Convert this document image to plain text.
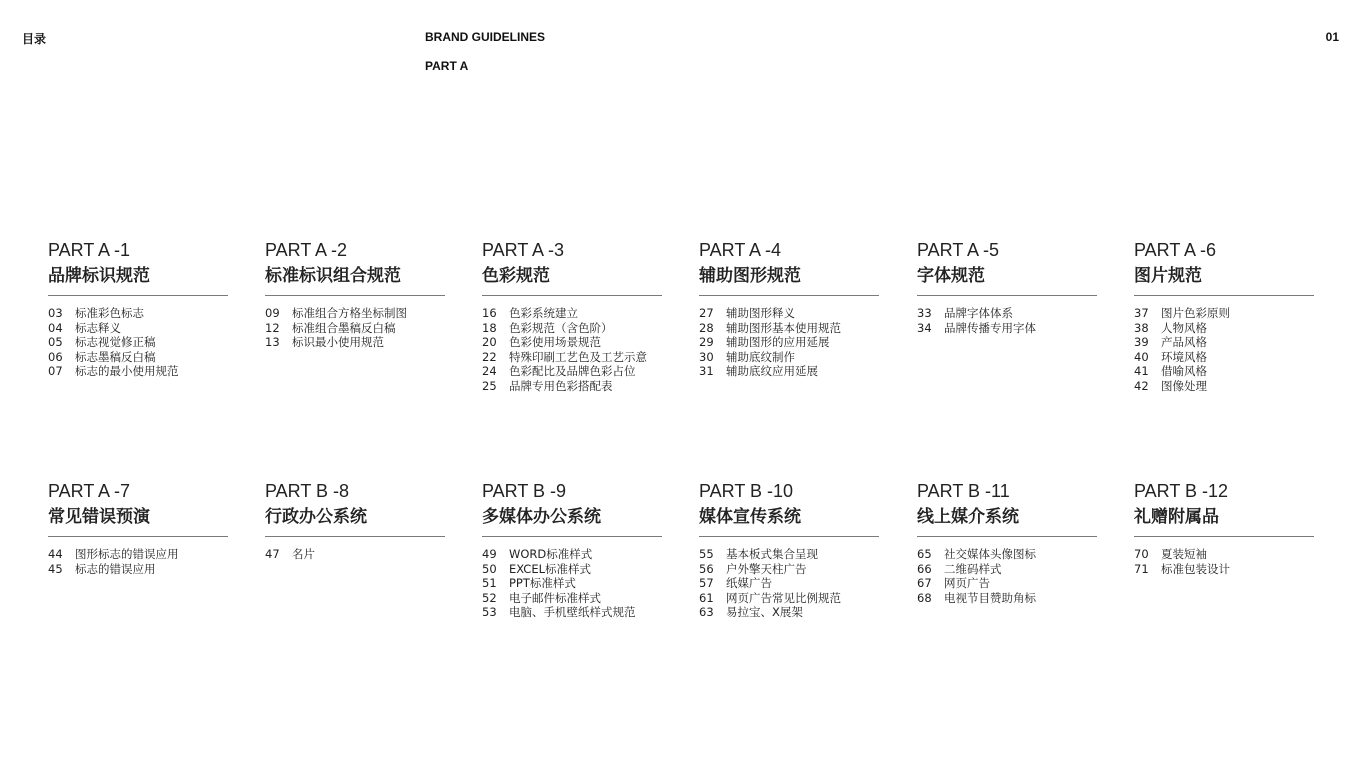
目录	BRAND GUIDELINES
PART A
01
PART A -1
品牌标识规范
03	标准彩色标志
04	标志释义
05	标志视觉修正稿
06	标志墨稿反白稿
07	标志的最小使用规范
PART A -2
标准标识组合规范
09	标准组合方格坐标制图
12	标准组合墨稿反白稿
13	标识最小使用规范
PART A -3
色彩规范
16	色彩系统建立
18	色彩规范（含色阶）
20	色彩使用场景规范
22	特殊印刷工艺色及工艺示意
24	色彩配比及品牌色彩占位
25	品牌专用色彩搭配表
PART A -4
辅助图形规范
27	辅助图形释义
28	辅助图形基本使用规范
29	辅助图形的应用延展
30	辅助底纹制作
31	辅助底纹应用延展
PART A -5
字体规范
33	品牌字体体系
34	品牌传播专用字体
PART A -6
图片规范
37	图片色彩原则
38	人物风格
39	产品风格
40	环境风格
41	借喻风格
42	图像处理
PART A -7
常见错误预演
44	图形标志的错误应用
45	标志的错误应用
PART B -8
行政办公系统
47	名片
PART B -9
多媒体办公系统
49	WORD标准样式
50	EXCEL标准样式
51	PPT标准样式
52	电子邮件标准样式
53	电脑、手机壁纸样式规范
PART B -10
媒体宣传系统
55	基本板式集合呈现
56	户外擎天柱广告
57	纸媒广告
61	网页广告常见比例规范
63	易拉宝、X展架
PART B -11
线上媒介系统
65	社交媒体头像图标
66	二维码样式
67	网页广告
68	电视节目赞助角标
PART B -12
礼赠附属品
70	夏装短袖
71	标准包装设计
